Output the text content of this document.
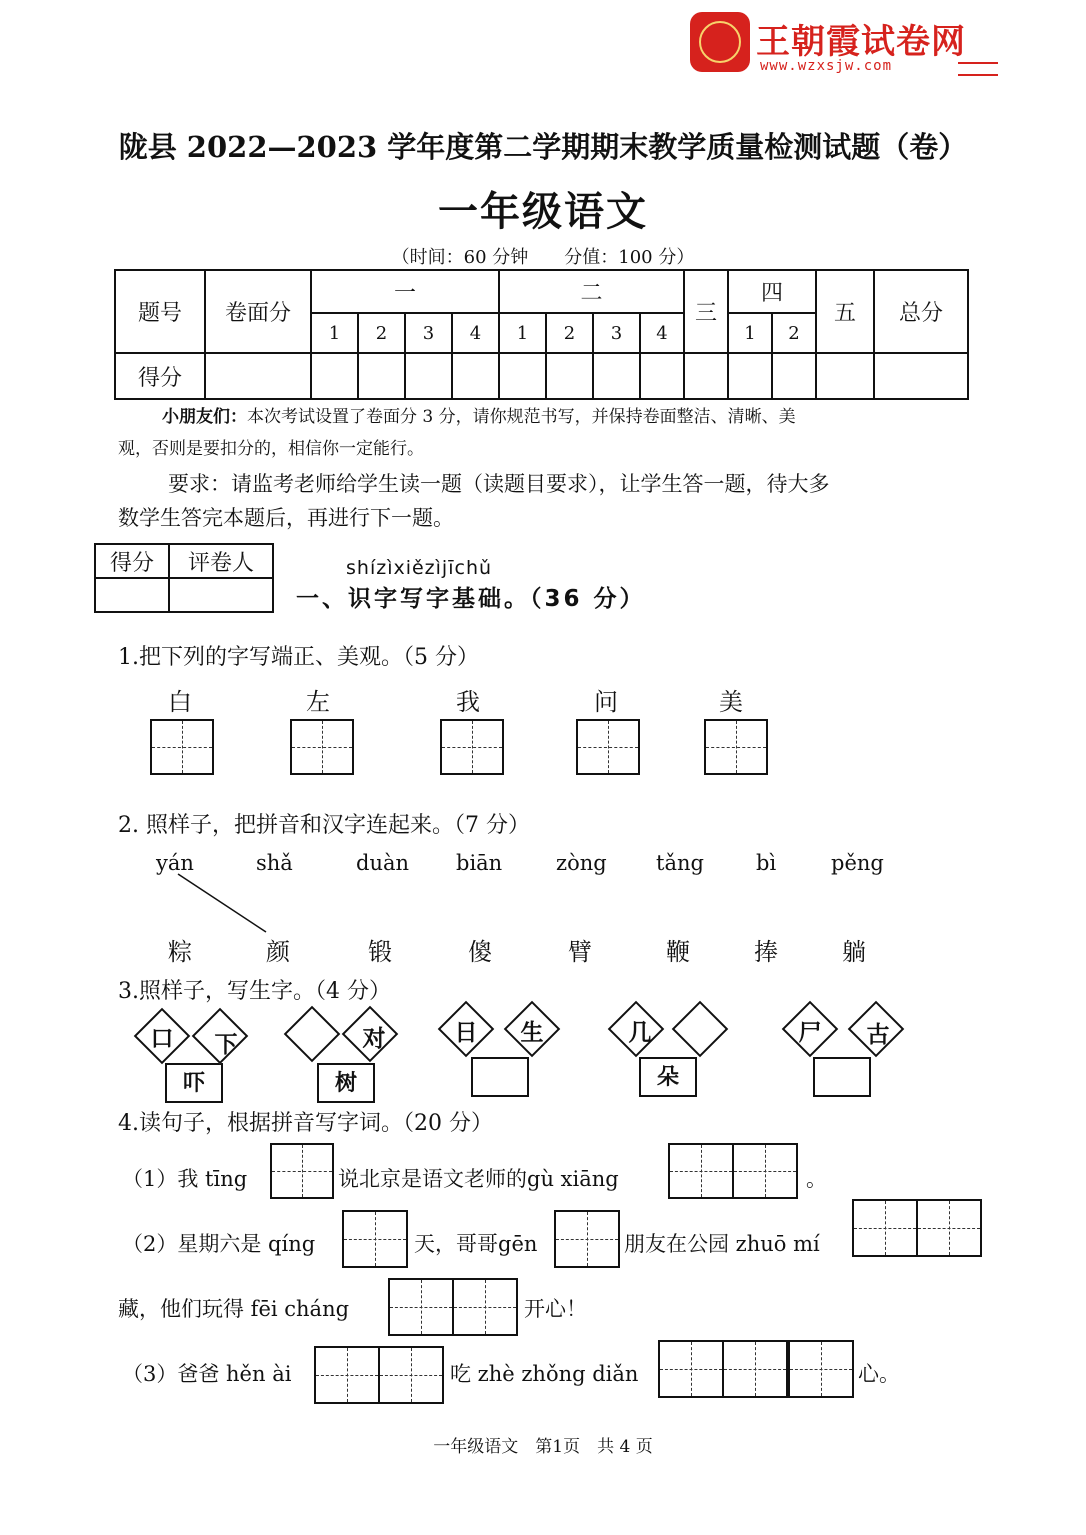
王朝霞试卷网
www.wzxsjw.com
陇县 2022—2023 学年度第二学期期末教学质量检测试题（卷）
一年级语文
（时间：60 分钟　　分值：100 分）
题号	卷面分	一				二				三	四		五	总分
		1	2	3	4	1	2	3	4		1	2		
得分														
小朋友们：本次考试设置了卷面分 3 分，请你规范书写，并保持卷面整洁、清晰、美
观，否则是要扣分的，相信你一定能行。
要求：请监考老师给学生读一题（读题目要求），让学生答一题，待大多
数学生答完本题后，再进行下一题。
得分	评卷人
		shízìxiězìjīchǔ
一、识字写字基础。（36 分）
1.把下列的字写端正、美观。（5 分）
白	左	我	问	美
2. 照样子，把拼音和汉字连起来。（7 分）
yán	shǎ	duàn biān	zòng tǎng bì	pěng
粽	颜	锻	傻	臂	鞭	捧	躺
3.照样子，写生字。（4 分）
吓
口	下
树
对	日	生
朵
几	尸	古
4.读句子，根据拼音写字词。（20 分）
（1）我 tīng	说北京是语文老师的gù xiāng	。
（2）星期六是 qíng	天，哥哥gēn	朋友在公园 zhuō mí
藏，他们玩得 fēi cháng	开心！
（3）爸爸 hěn ài	吃 zhè zhǒng diǎn	心。
一年级语文　第1页　共 4 页
